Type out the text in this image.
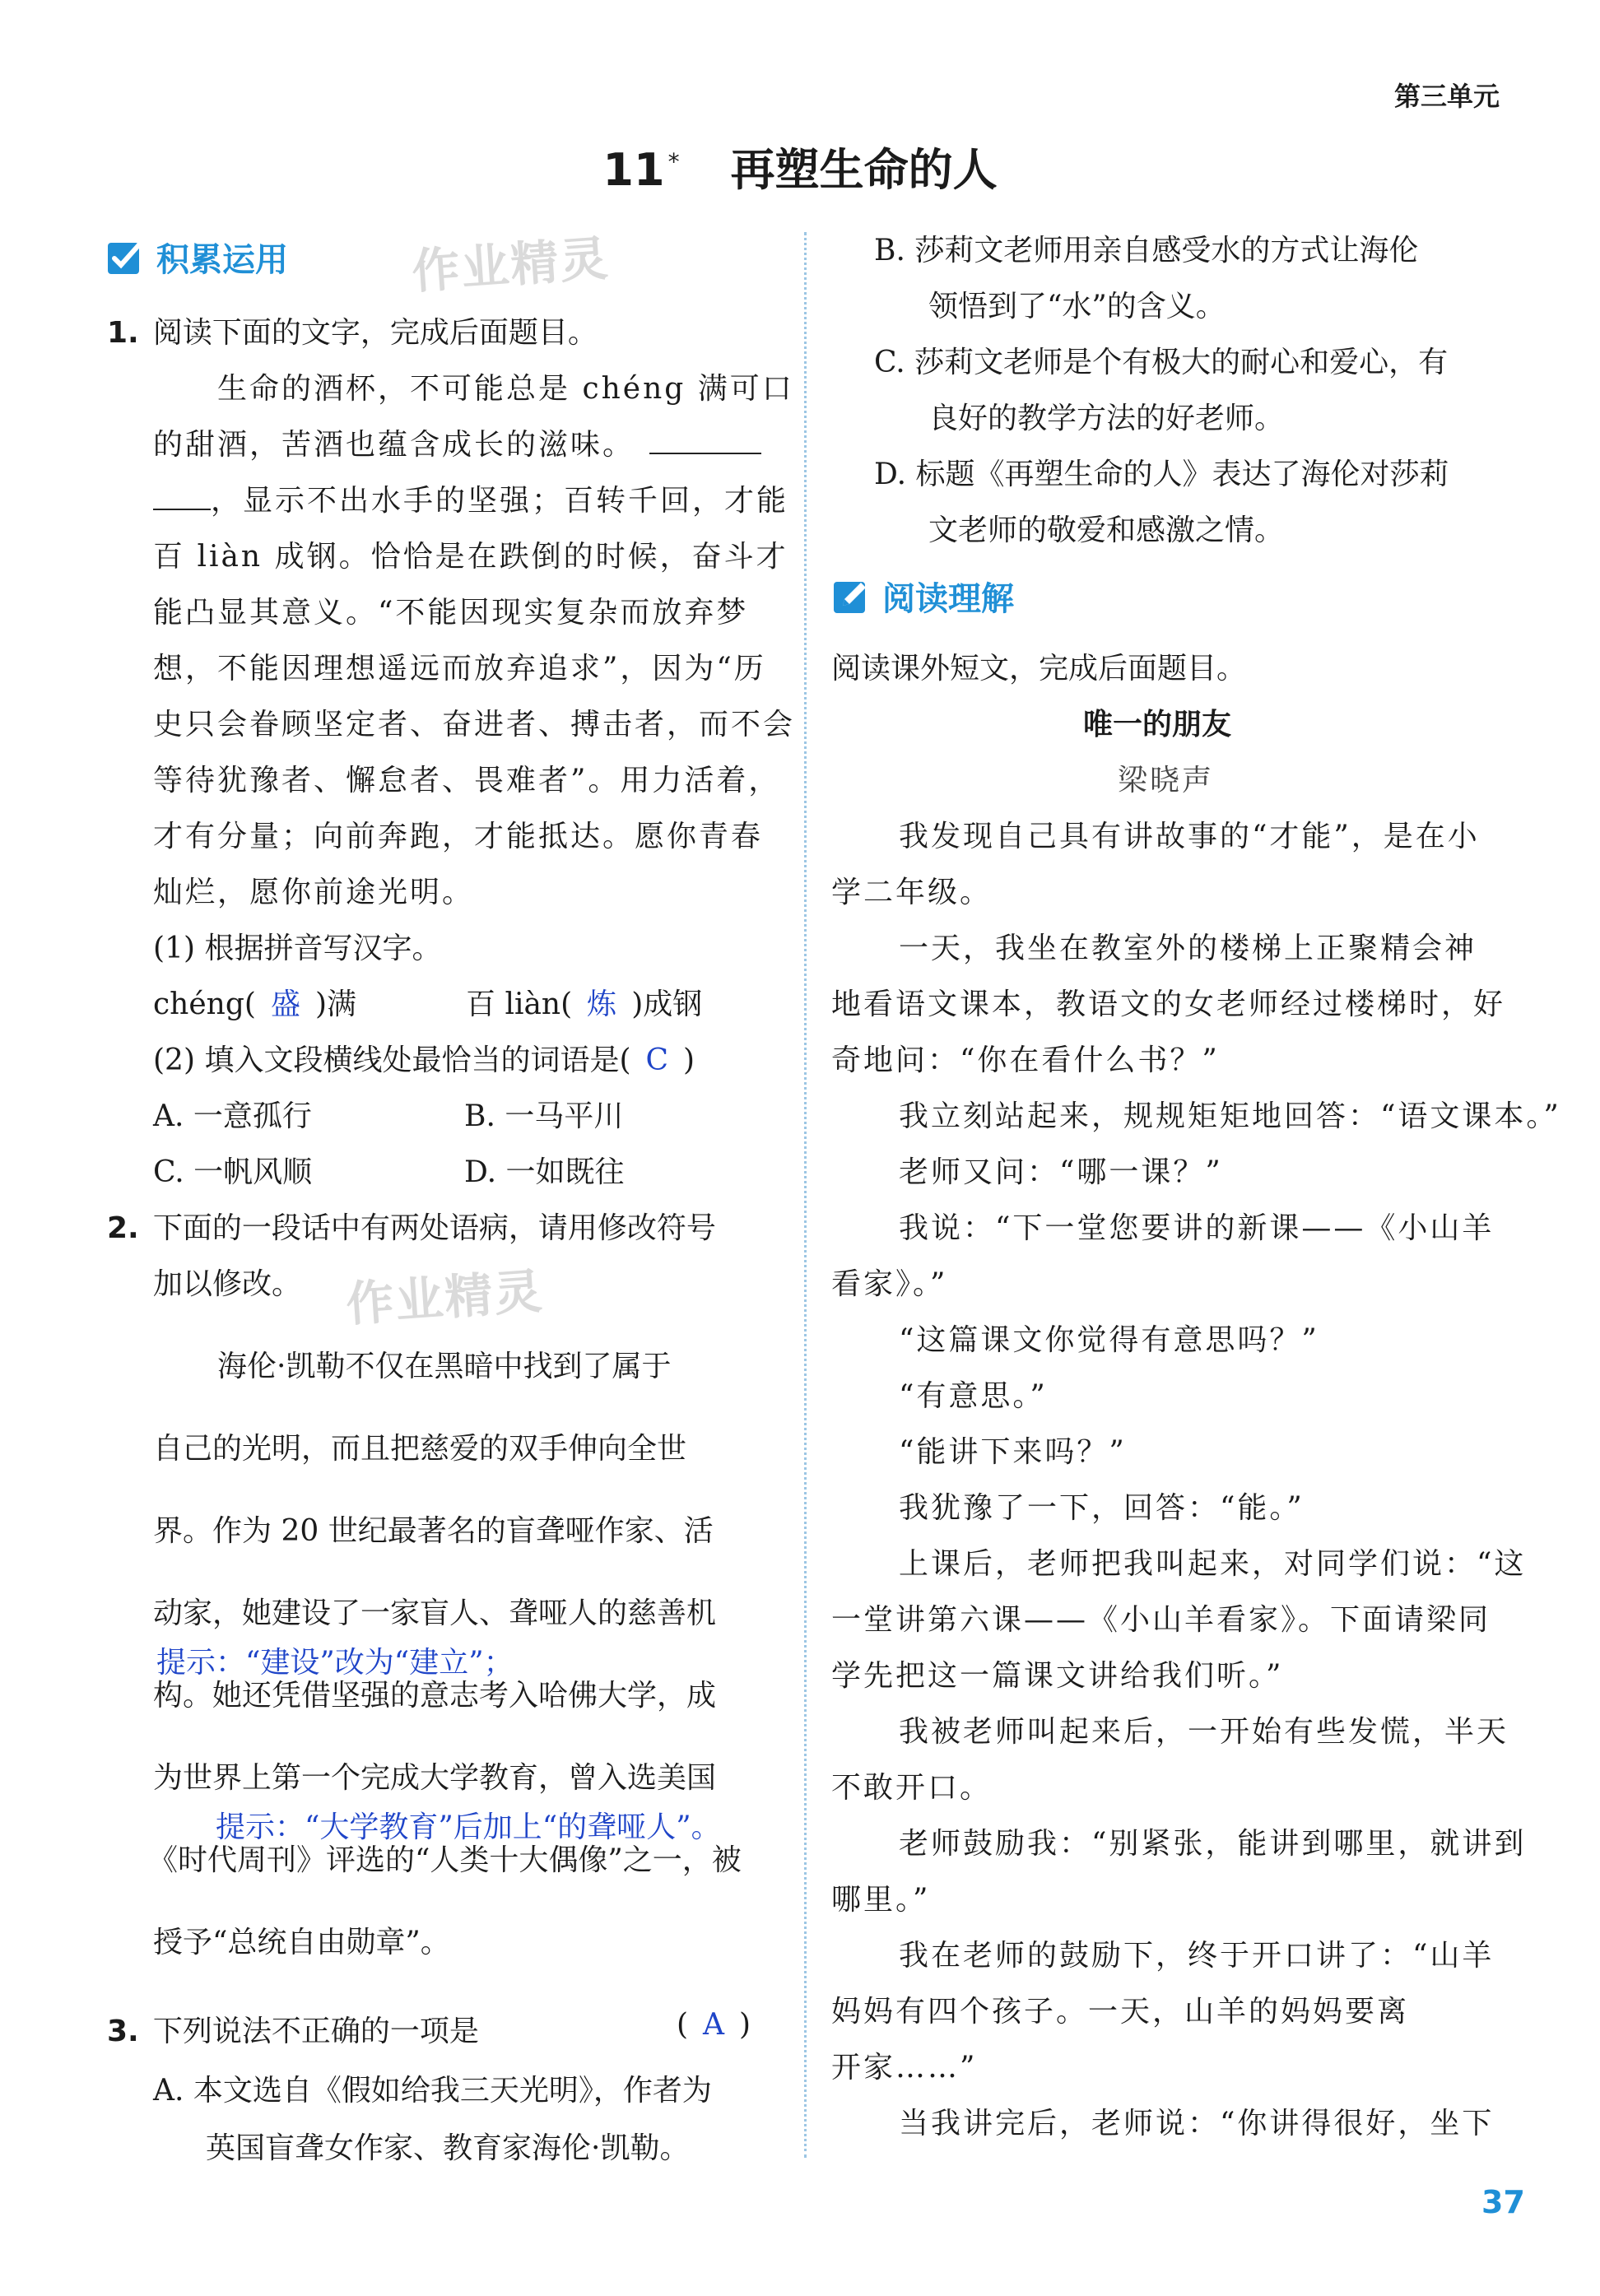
第三单元
11 * 再塑生命的人
积累运用	作业精灵
1. 阅读下面的文字，完成后面题目。
生命的酒杯，不可能总是 chéng 满可口
的甜酒，苦酒也蕴含成长的滋味。
，显示不出水手的坚强；百转千回，才能
百 liàn 成钢。恰恰是在跌倒的时候，奋斗才
能凸显其意义。“不能因现实复杂而放弃梦
想，不能因理想遥远而放弃追求”，因为“历
史只会眷顾坚定者、奋进者、搏击者，而不会
等待犹豫者、懈怠者、畏难者”。用力活着，
才有分量；向前奔跑，才能抵达。愿你青春
灿烂，愿你前途光明。
(1) 根据拼音写汉字。
chéng( 盛 )满	百 liàn( 炼 )成钢
(2) 填入文段横线处最恰当的词语是( C )
A. 一意孤行	B. 一马平川
C. 一帆风顺	D. 一如既往
2. 下面的一段话中有两处语病，请用修改符号
加以修改。 作业精灵
海伦·凯勒不仅在黑暗中找到了属于
自己的光明，而且把慈爱的双手伸向全世
界。作为 20 世纪最著名的盲聋哑作家、活
动家，她建设了一家盲人、聋哑人的慈善机
提示：“建设”改为“建立”；
构。她还凭借坚强的意志考入哈佛大学，成
为世界上第一个完成大学教育，曾入选美国
提示：“大学教育”后加上“的聋哑人”。
《时代周刊》评选的“人类十大偶像”之一，被
授予“总统自由勋章”。
3. 下列说法不正确的一项是	( A )
A. 本文选自《假如给我三天光明》，作者为
英国盲聋女作家、教育家海伦·凯勒。
B. 莎莉文老师用亲自感受水的方式让海伦
领悟到了“水”的含义。
C. 莎莉文老师是个有极大的耐心和爱心，有
良好的教学方法的好老师。
D. 标题《再塑生命的人》表达了海伦对莎莉
文老师的敬爱和感激之情。
阅读理解
阅读课外短文，完成后面题目。
唯一的朋友
梁晓声
我发现自己具有讲故事的“才能”，是在小
学二年级。
一天，我坐在教室外的楼梯上正聚精会神
地看语文课本，教语文的女老师经过楼梯时，好
奇地问：“你在看什么书？”
我立刻站起来，规规矩矩地回答：“语文课本。”
老师又问：“哪一课？”
我说：“下一堂您要讲的新课——《小山羊
看家》。”
“这篇课文你觉得有意思吗？”
“有意思。”
“能讲下来吗？”
我犹豫了一下，回答：“能。”
上课后，老师把我叫起来，对同学们说：“这
一堂讲第六课——《小山羊看家》。下面请梁同
学先把这一篇课文讲给我们听。”
我被老师叫起来后，一开始有些发慌，半天
不敢开口。
老师鼓励我：“别紧张，能讲到哪里，就讲到
哪里。”
我在老师的鼓励下，终于开口讲了：“山羊
妈妈有四个孩子。一天，山羊的妈妈要离
开家……”
当我讲完后，老师说：“你讲得很好，坐下
37
